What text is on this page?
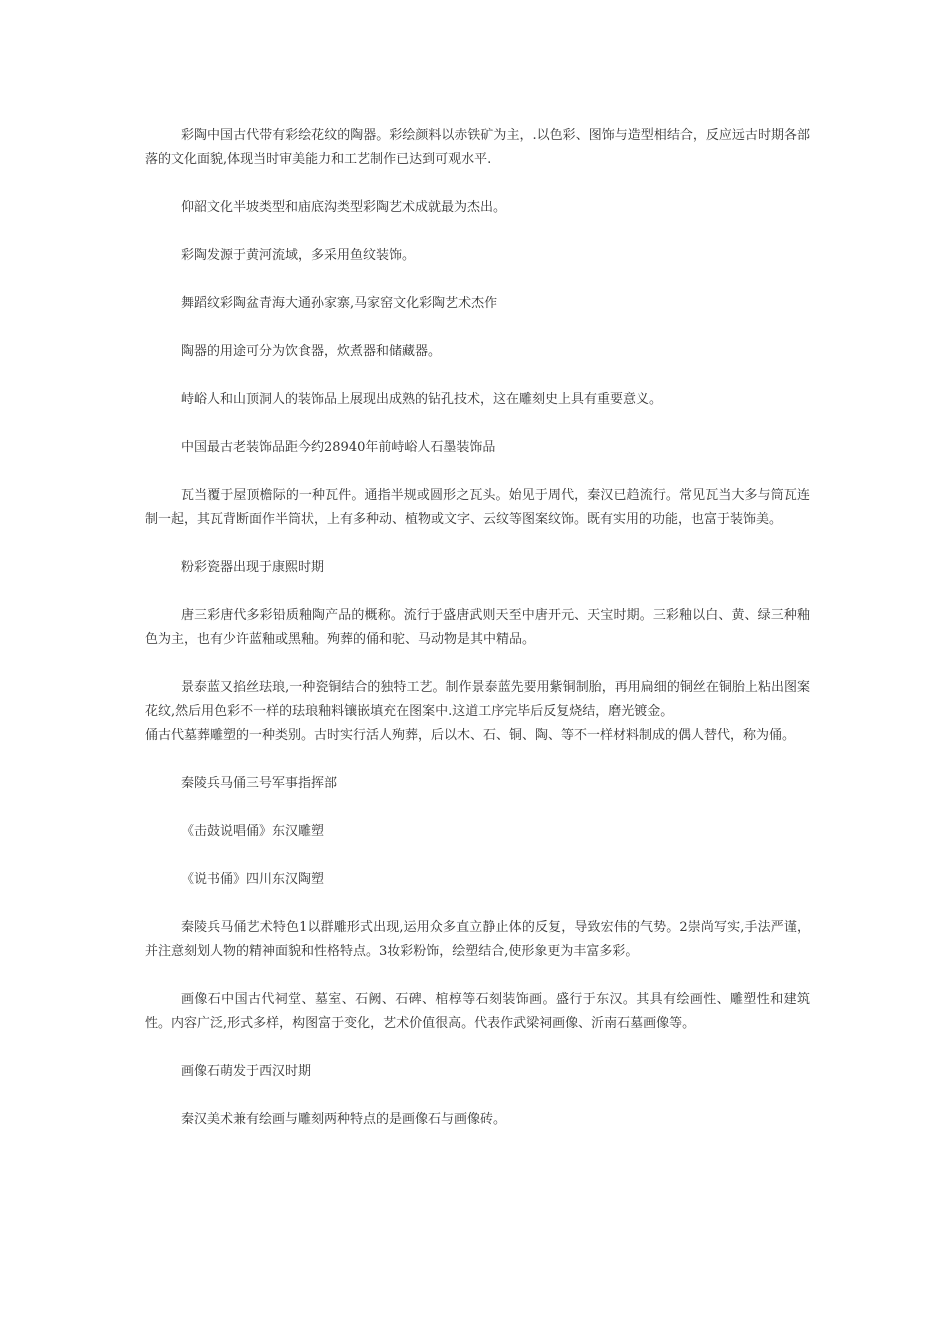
彩陶中国古代带有彩绘花纹的陶器。彩绘颜料以赤铁矿为主，.以色彩、图饰与造型相结合，反应远古时期各部落的文化面貌,体现当时审美能力和工艺制作已达到可观水平.

仰韶文化半坡类型和庙底沟类型彩陶艺术成就最为杰出。

彩陶发源于黄河流域，多采用鱼纹装饰。

舞蹈纹彩陶盆青海大通孙家寨,马家窑文化彩陶艺术杰作

陶器的用途可分为饮食器，炊煮器和储藏器。

峙峪人和山顶洞人的装饰品上展现出成熟的钻孔技术，这在雕刻史上具有重要意义。

中国最古老装饰品距今约28940年前峙峪人石墨装饰品

瓦当覆于屋顶檐际的一种瓦件。通指半规或圆形之瓦头。始见于周代，秦汉已趋流行。常见瓦当大多与筒瓦连制一起，其瓦背断面作半筒状，上有多种动、植物或文字、云纹等图案纹饰。既有实用的功能，也富于装饰美。

粉彩瓷器出现于康熙时期

唐三彩唐代多彩铅质釉陶产品的概称。流行于盛唐武则天至中唐开元、天宝时期。三彩釉以白、黄、绿三种釉色为主，也有少许蓝釉或黑釉。殉葬的俑和驼、马动物是其中精品。

景泰蓝又掐丝珐琅,一种瓷铜结合的独特工艺。制作景泰蓝先要用紫铜制胎，再用扁细的铜丝在铜胎上粘出图案花纹,然后用色彩不一样的珐琅釉料镶嵌填充在图案中.这道工序完毕后反复烧结，磨光镀金。

俑古代墓葬雕塑的一种类别。古时实行活人殉葬，后以木、石、铜、陶、等不一样材料制成的偶人替代，称为俑。

秦陵兵马俑三号军事指挥部

《击鼓说唱俑》东汉雕塑

《说书俑》四川东汉陶塑

秦陵兵马俑艺术特色1以群雕形式出现,运用众多直立静止体的反复，导致宏伟的气势。2崇尚写实,手法严谨，并注意刻划人物的精神面貌和性格特点。3妆彩粉饰，绘塑结合,使形象更为丰富多彩。

画像石中国古代祠堂、墓室、石阙、石碑、棺椁等石刻装饰画。盛行于东汉。其具有绘画性、雕塑性和建筑性。内容广泛,形式多样，构图富于变化，艺术价值很高。代表作武梁祠画像、沂南石墓画像等。

画像石萌发于西汉时期

秦汉美术兼有绘画与雕刻两种特点的是画像石与画像砖。
